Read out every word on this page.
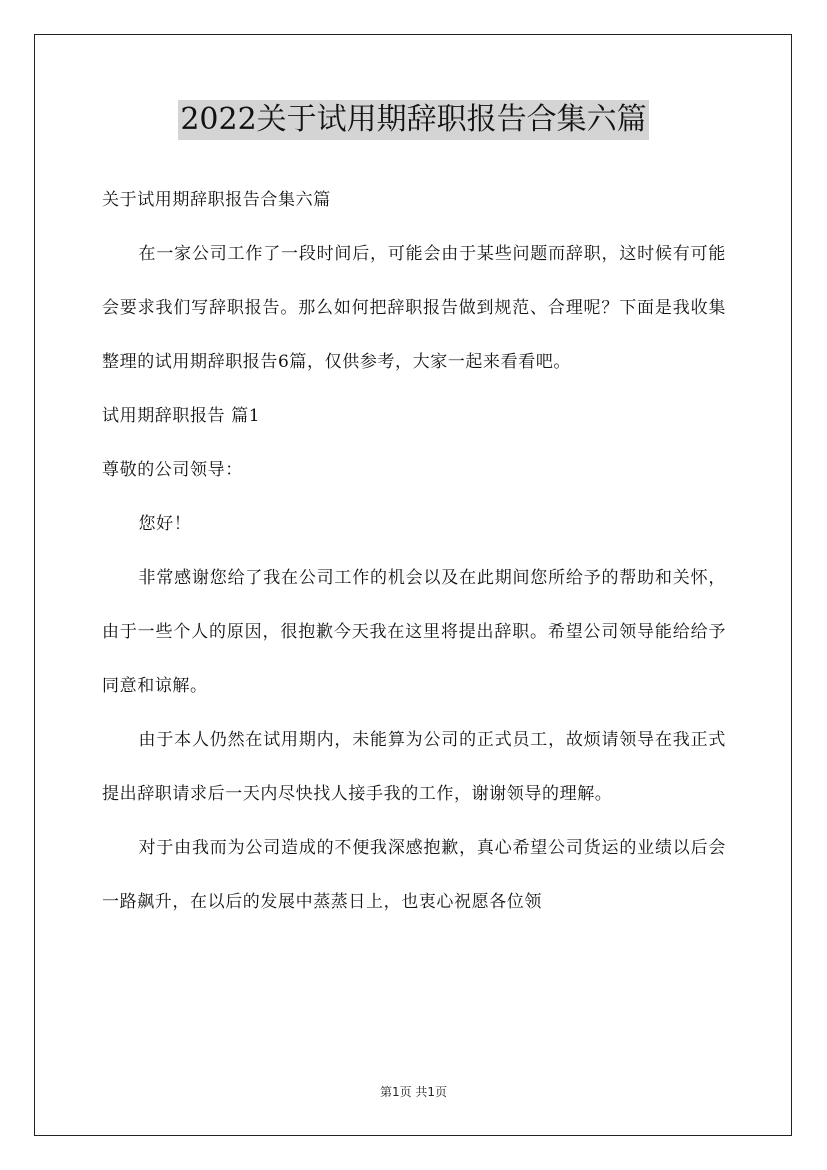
2022关于试用期辞职报告合集六篇

关于试用期辞职报告合集六篇

在一家公司工作了一段时间后，可能会由于某些问题而辞职，这时候有可能会要求我们写辞职报告。那么如何把辞职报告做到规范、合理呢？下面是我收集整理的试用期辞职报告6篇，仅供参考，大家一起来看看吧。

试用期辞职报告 篇1

尊敬的公司领导：

您好！

非常感谢您给了我在公司工作的机会以及在此期间您所给予的帮助和关怀，由于一些个人的原因，很抱歉今天我在这里将提出辞职。希望公司领导能给给予同意和谅解。

由于本人仍然在试用期内，未能算为公司的正式员工，故烦请领导在我正式提出辞职请求后一天内尽快找人接手我的工作，谢谢领导的理解。

对于由我而为公司造成的不便我深感抱歉，真心希望公司货运的业绩以后会一路飙升，在以后的发展中蒸蒸日上，也衷心祝愿各位领

第1页 共1页
